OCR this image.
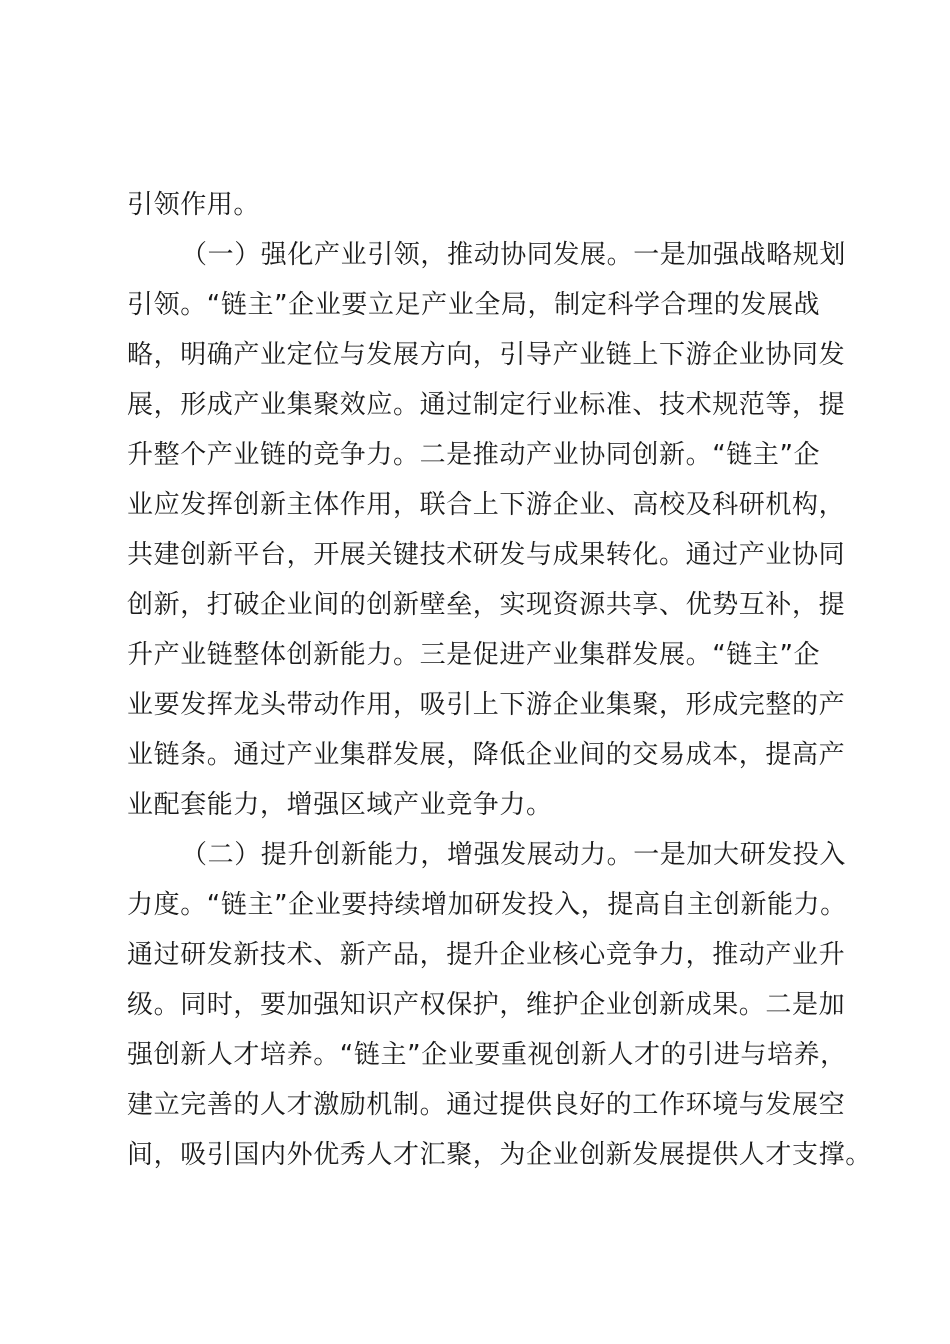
引领作用。
（一）强化产业引领，推动协同发展。一是加强战略规划
引领。“链主”企业要立足产业全局，制定科学合理的发展战
略，明确产业定位与发展方向，引导产业链上下游企业协同发
展，形成产业集聚效应。通过制定行业标准、技术规范等，提
升整个产业链的竞争力。二是推动产业协同创新。“链主”企
业应发挥创新主体作用，联合上下游企业、高校及科研机构，
共建创新平台，开展关键技术研发与成果转化。通过产业协同
创新，打破企业间的创新壁垒，实现资源共享、优势互补，提
升产业链整体创新能力。三是促进产业集群发展。“链主”企
业要发挥龙头带动作用，吸引上下游企业集聚，形成完整的产
业链条。通过产业集群发展，降低企业间的交易成本，提高产
业配套能力，增强区域产业竞争力。
（二）提升创新能力，增强发展动力。一是加大研发投入
力度。“链主”企业要持续增加研发投入，提高自主创新能力。
通过研发新技术、新产品，提升企业核心竞争力，推动产业升
级。同时，要加强知识产权保护，维护企业创新成果。二是加
强创新人才培养。“链主”企业要重视创新人才的引进与培养，
建立完善的人才激励机制。通过提供良好的工作环境与发展空
间，吸引国内外优秀人才汇聚，为企业创新发展提供人才支撑。
